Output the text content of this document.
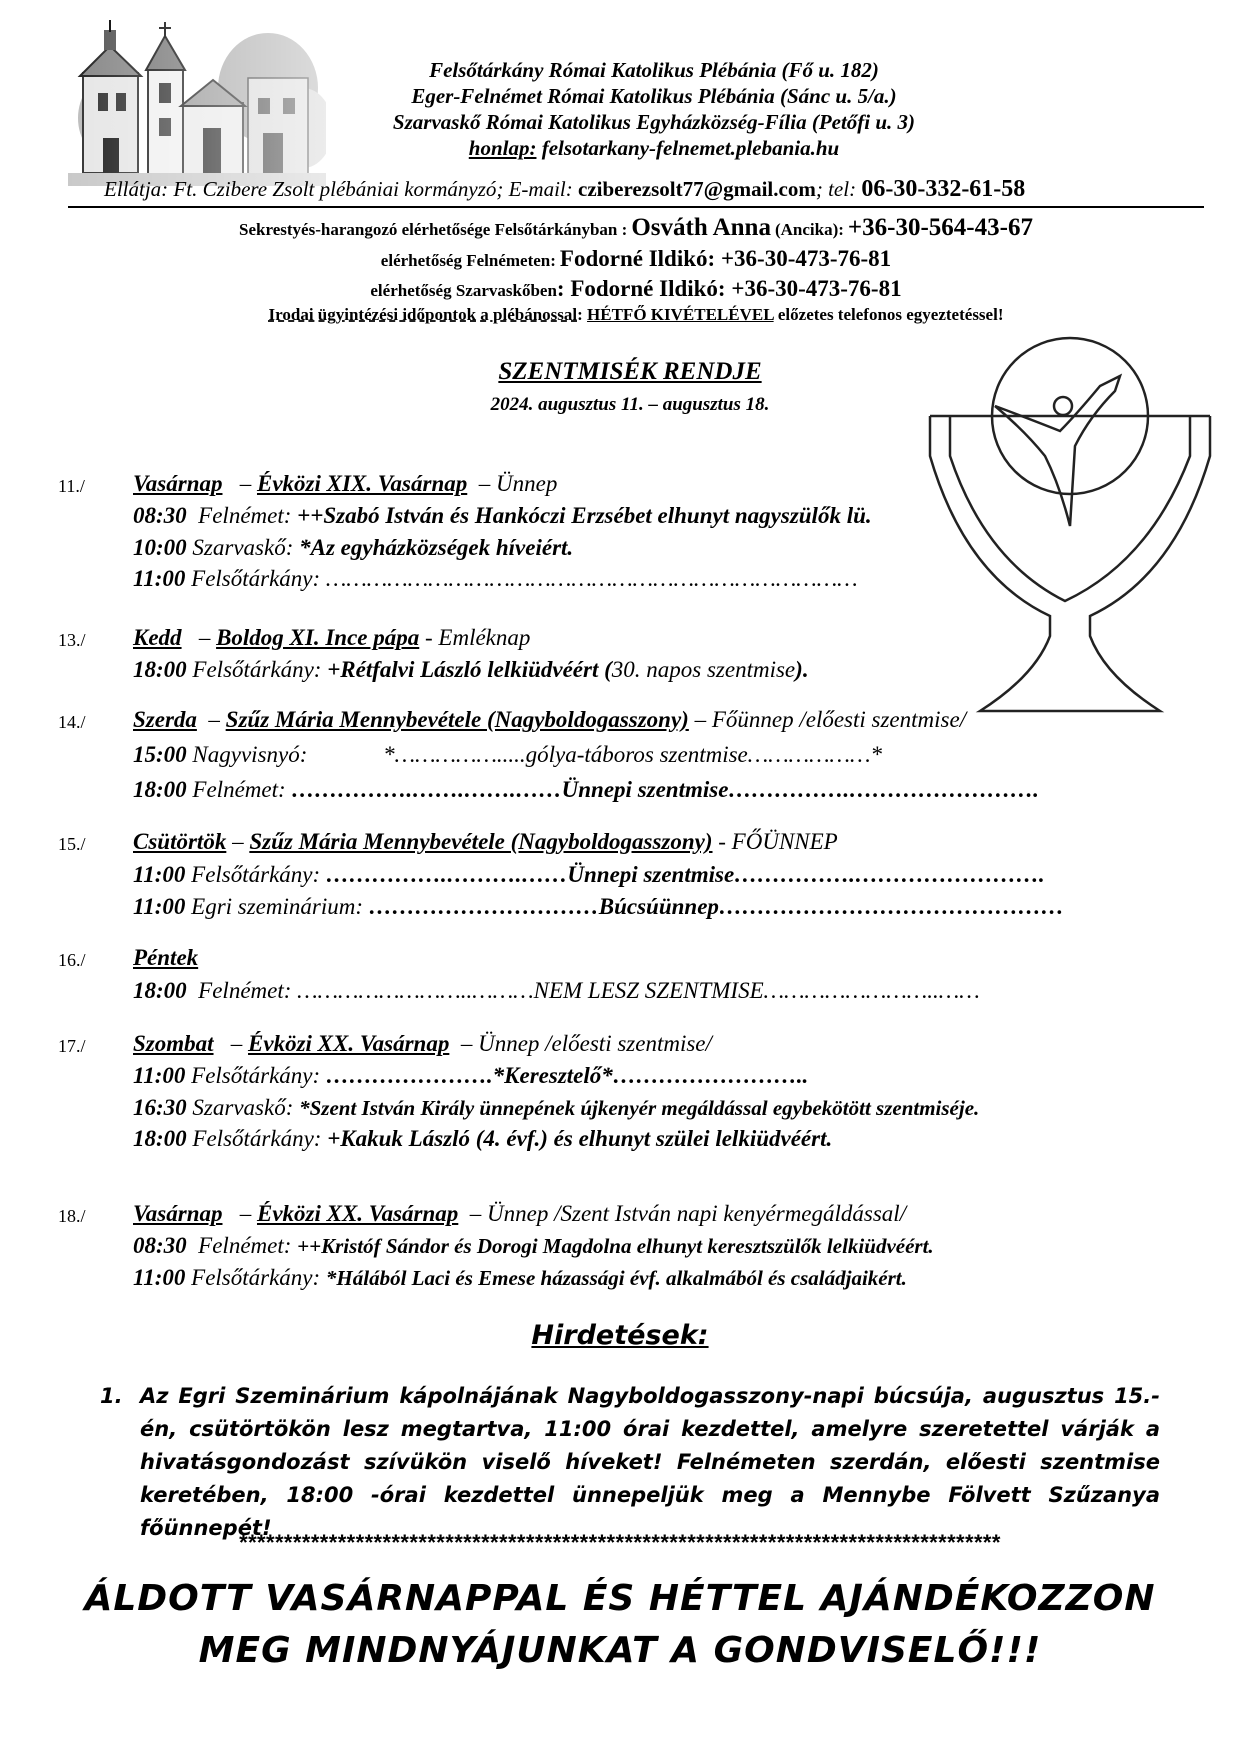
Felsőtárkány Római Katolikus Plébánia (Fő u. 182)
Eger-Felnémet Római Katolikus Plébánia (Sánc u. 5/a.)
Szarvaskő Római Katolikus Egyházközség-Fília (Petőfi u. 3)
honlap: felsotarkany-felnemet.plebania.hu
Ellátja: Ft. Czibere Zsolt plébániai kormányzó; E-mail: cziberezsolt77@gmail.com; tel: 06-30-332-61-58
Sekrestyés-harangozó elérhetősége Felsőtárkányban : Osváth Anna (Ancika): +36-30-564-43-67
elérhetőség Felnémeten: Fodorné Ildikó: +36-30-473-76-81
elérhetőség Szarvaskőben: Fodorné Ildikó: +36-30-473-76-81
Irodai ügyintézési időpontok a plébánossal: HÉTFŐ KIVÉTELÉVEL előzetes telefonos egyeztetéssel!
SZENTMISÉK RENDJE
2024. augusztus 11. – augusztus 18.
11./	Vasárnap – Évközi XIX. Vasárnap – Ünnep
08:30 Felnémet: ++Szabó István és Hankóczi Erzsébet elhunyt nagyszülők lü.
10:00 Szarvaskő: *Az egyházközségek híveiért.
11:00 Felsőtárkány: ……………………………………………………………………
13./	Kedd – Boldog XI. Ince pápa - Emléknap
18:00 Felsőtárkány: +Rétfalvi László lelkiüdvéért (30. napos szentmise).
14./	Szerda – Szűz Mária Mennybevétele (Nagyboldogasszony) – Főünnep /előesti szentmise/
15:00 Nagyvisnyó:	*…………….....gólya-táboros szentmise………………*
18:00 Felnémet: …………….…….…….……Ünnepi szentmise…………….…………………….
15./	Csütörtök – Szűz Mária Mennybevétele (Nagyboldogasszony) - FŐÜNNEP
11:00 Felsőtárkány: …………….……….……Ünnepi szentmise…………….…………………….
11:00 Egri szeminárium: …………………………Búcsúünnep………………………………………
16./	Péntek
18:00 Felnémet: ……………………..………NEM LESZ SZENTMISE……………………..……
17./	Szombat – Évközi XX. Vasárnap – Ünnep /előesti szentmise/
11:00 Felsőtárkány: ………………….*Keresztelő*……………………..
16:30 Szarvaskő: *Szent István Király ünnepének újkenyér megáldással egybekötött szentmiséje.
18:00 Felsőtárkány: +Kakuk László (4. évf.) és elhunyt szülei lelkiüdvéért.
18./	Vasárnap – Évközi XX. Vasárnap – Ünnep /Szent István napi kenyérmegáldással/
08:30 Felnémet: ++Kristóf Sándor és Dorogi Magdolna elhunyt keresztszülők lelkiüdvéért.
11:00 Felsőtárkány: *Hálából Laci és Emese házassági évf. alkalmából és családjaikért.
Hirdetések:
1. Az Egri Szeminárium kápolnájának Nagyboldogasszony-napi búcsúja, augusztus 15.-én, csütörtökön lesz megtartva, 11:00 órai kezdettel, amelyre szeretettel várják a hivatásgondozást szívükön viselő híveket! Felnémeten szerdán, előesti szentmise keretében, 18:00 -órai kezdettel ünnepeljük meg a Mennybe Fölvett Szűzanya főünnepét!
*************************************************************************************
ÁLDOTT VASÁRNAPPAL ÉS HÉTTEL AJÁNDÉKOZZON
MEG MINDNYÁJUNKAT A GONDVISELŐ!!!
